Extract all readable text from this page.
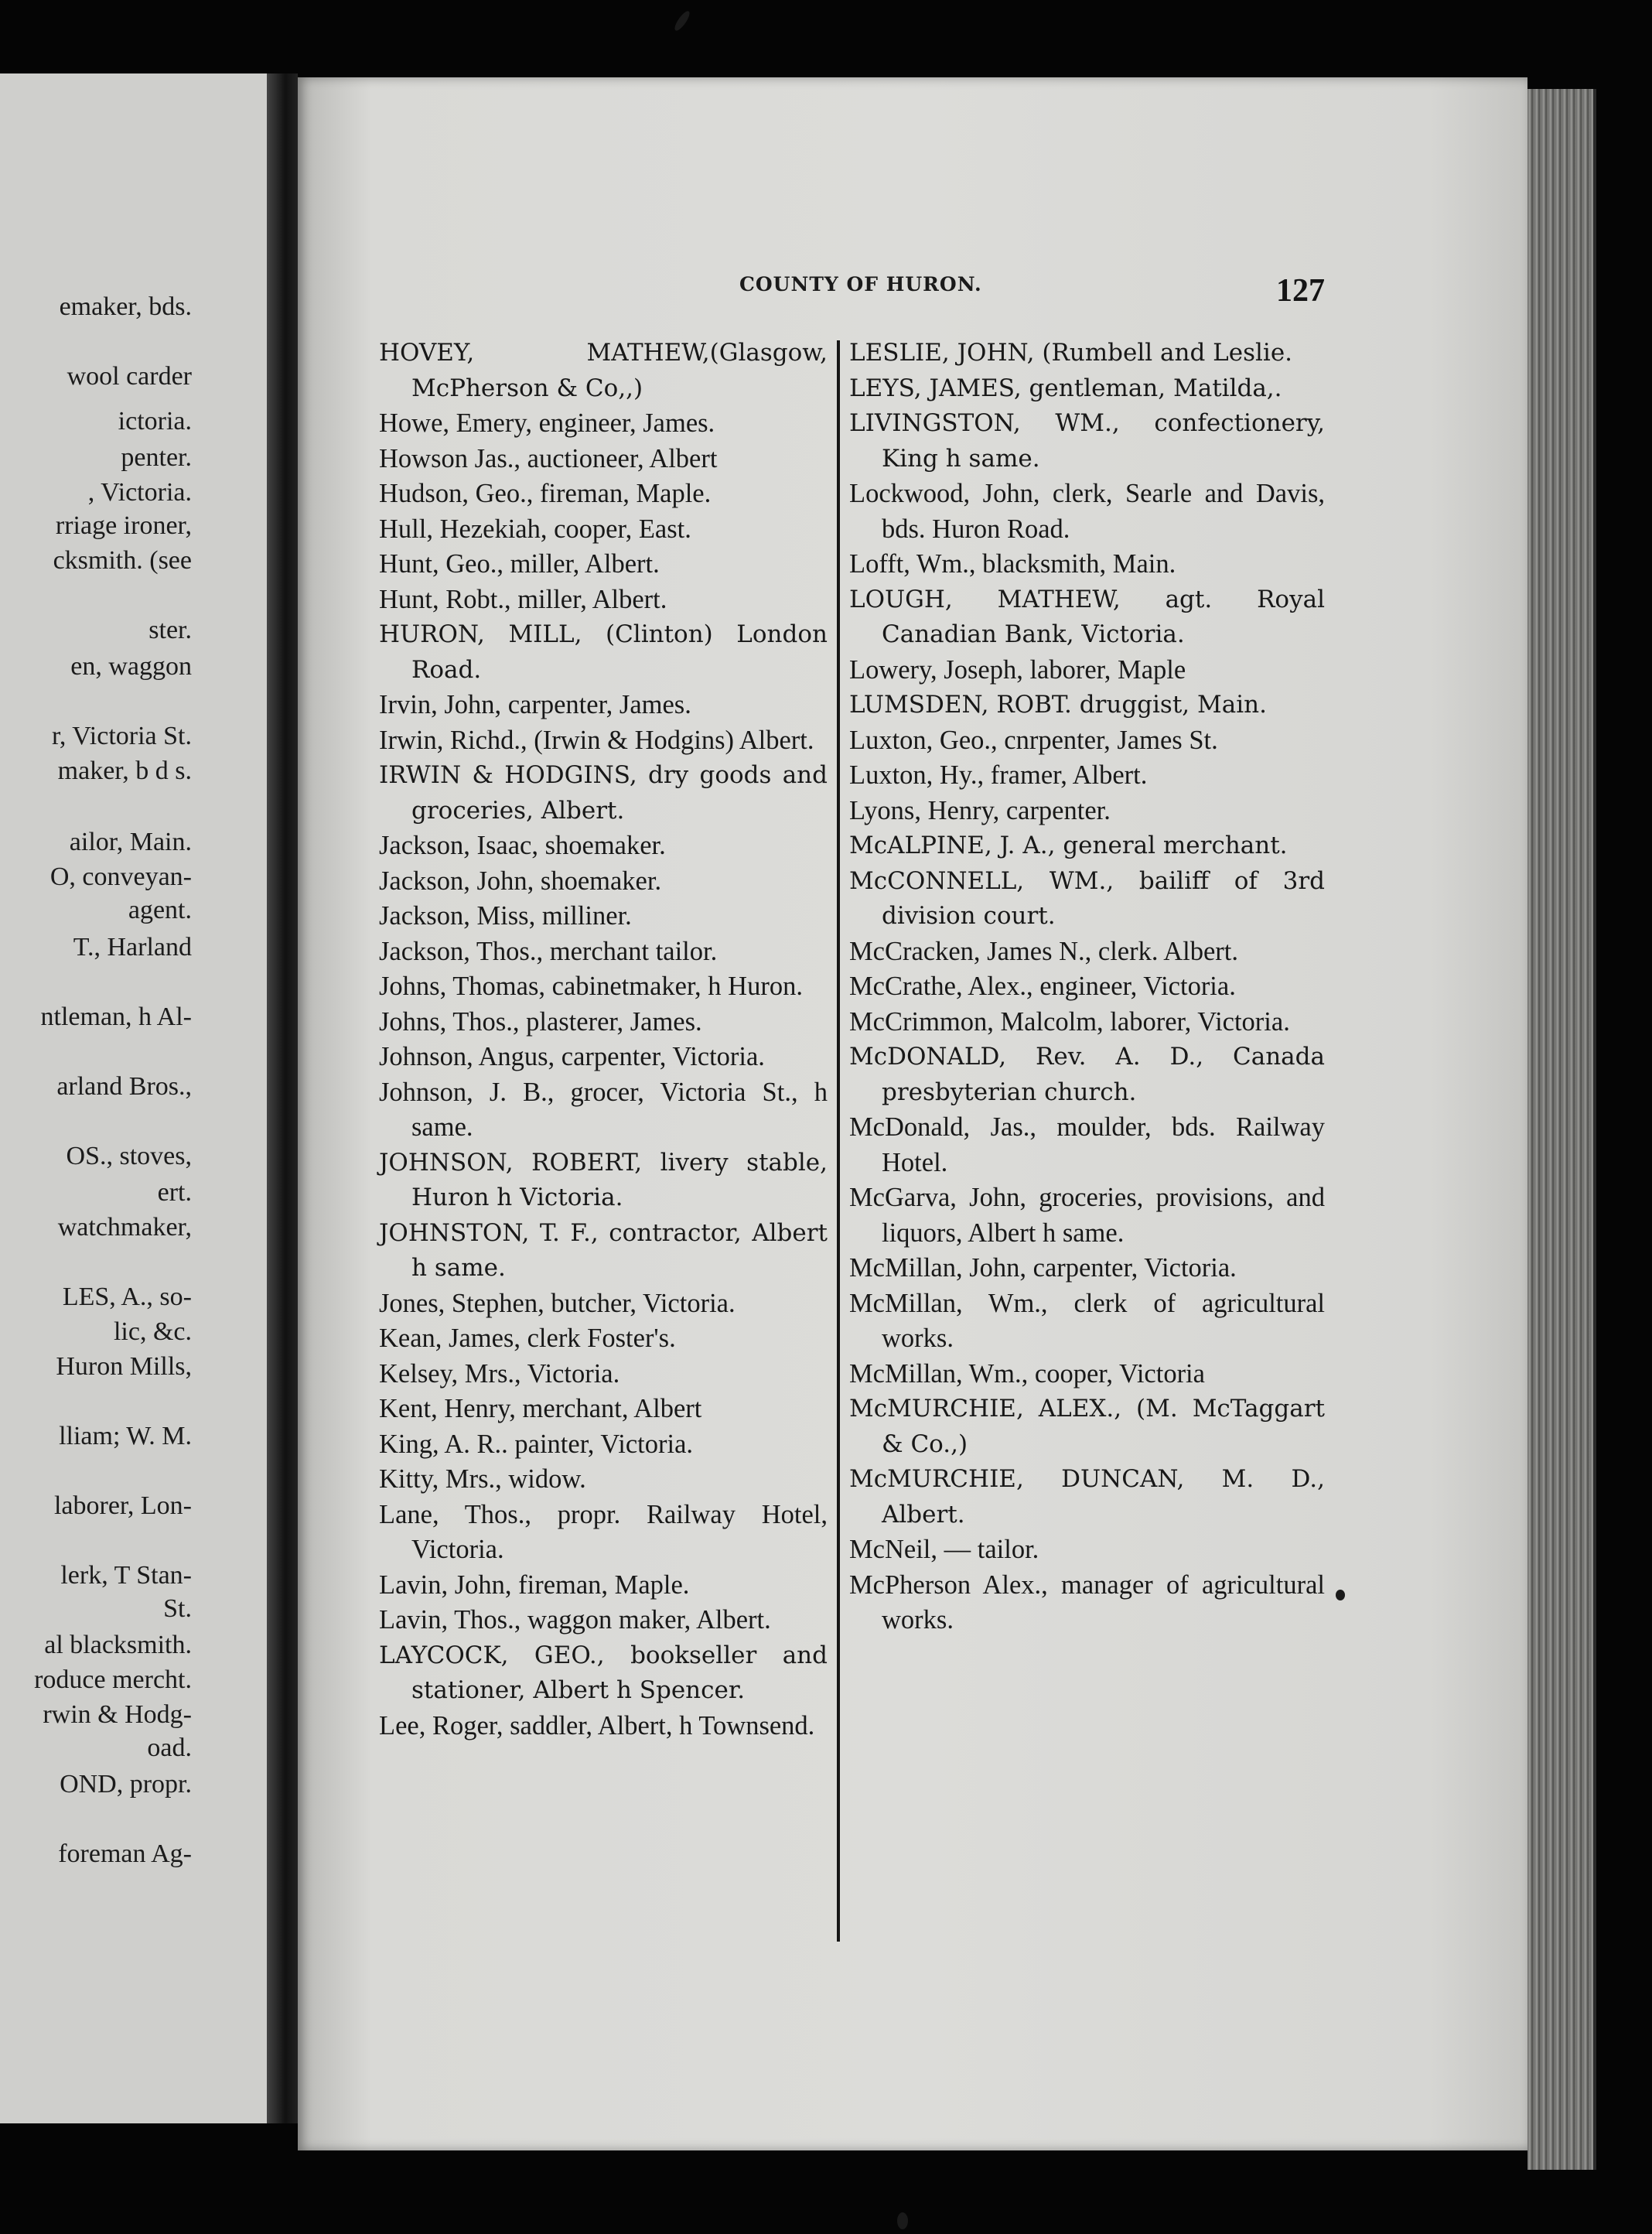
emaker, bds.
wool carder
ictoria.
penter.
, Victoria.
rriage ironer,
cksmith. (see
ster.
en, waggon
r, Victoria St.
maker, b d s.
ailor, Main.
O, conveyan-
agent.
T., Harland
ntleman, h Al-
arland Bros.,
OS., stoves,
ert.
watchmaker,
LES, A., so-
lic, &c.
Huron Mills,
lliam; W. M.
laborer, Lon-
lerk, T Stan-
St.
al blacksmith.
roduce mercht.
rwin & Hodg-
oad.
OND, propr.
foreman Ag-
COUNTY OF HURON.	127

HOVEY, MATHEW,(Glasgow, McPherson & Co,,)

Howe, Emery, engineer, James.

Howson Jas., auctioneer, Albert

Hudson, Geo., fireman, Maple.

Hull, Hezekiah, cooper, East.

Hunt, Geo., miller, Albert.

Hunt, Robt., miller, Albert.

HURON, MILL, (Clinton) London Road.

Irvin, John, carpenter, James.

Irwin, Richd., (Irwin & Hodgins) Albert.

IRWIN & HODGINS, dry goods and groceries, Albert.

Jackson, Isaac, shoemaker.

Jackson, John, shoemaker.

Jackson, Miss, milliner.

Jackson, Thos., merchant tailor.

Johns, Thomas, cabinetmaker, h Huron.

Johns, Thos., plasterer, James.

Johnson, Angus, carpenter, Victoria.

Johnson, J. B., grocer, Victoria St., h same.

JOHNSON, ROBERT, livery stable, Huron h Victoria.

JOHNSTON, T. F., contractor, Albert h same.

Jones, Stephen, butcher, Victoria.

Kean, James, clerk Foster's.

Kelsey, Mrs., Victoria.

Kent, Henry, merchant, Albert

King, A. R.. painter, Victoria.

Kitty, Mrs., widow.

Lane, Thos., propr. Railway Hotel, Victoria.

Lavin, John, fireman, Maple.

Lavin, Thos., waggon maker, Albert.

LAYCOCK, GEO., bookseller and stationer, Albert h Spencer.

Lee, Roger, saddler, Albert, h Townsend.

LESLIE, JOHN, (Rumbell and Leslie.

LEYS, JAMES, gentleman, Matilda,.

LIVINGSTON, WM., confectionery, King h same.

Lockwood, John, clerk, Searle and Davis, bds. Huron Road.

Lofft, Wm., blacksmith, Main.

LOUGH, MATHEW, agt. Royal Canadian Bank, Victoria.

Lowery, Joseph, laborer, Maple

LUMSDEN, ROBT. druggist, Main.

Luxton, Geo., cnrpenter, James St.

Luxton, Hy., framer, Albert.

Lyons, Henry, carpenter.

McALPINE, J. A., general merchant.

McCONNELL, WM., bailiff of 3rd division court.

McCracken, James N., clerk. Albert.

McCrathe, Alex., engineer, Victoria.

McCrimmon, Malcolm, laborer, Victoria.

McDONALD, Rev. A. D., Canada presbyterian church.

McDonald, Jas., moulder, bds. Railway Hotel.

McGarva, John, groceries, provisions, and liquors, Albert h same.

McMillan, John, carpenter, Victoria.

McMillan, Wm., clerk of agricultural works.

McMillan, Wm., cooper, Victoria

McMURCHIE, ALEX., (M. McTaggart & Co.,)

McMURCHIE, DUNCAN, M. D., Albert.

McNeil, — tailor.

McPherson Alex., manager of agricultural works.
